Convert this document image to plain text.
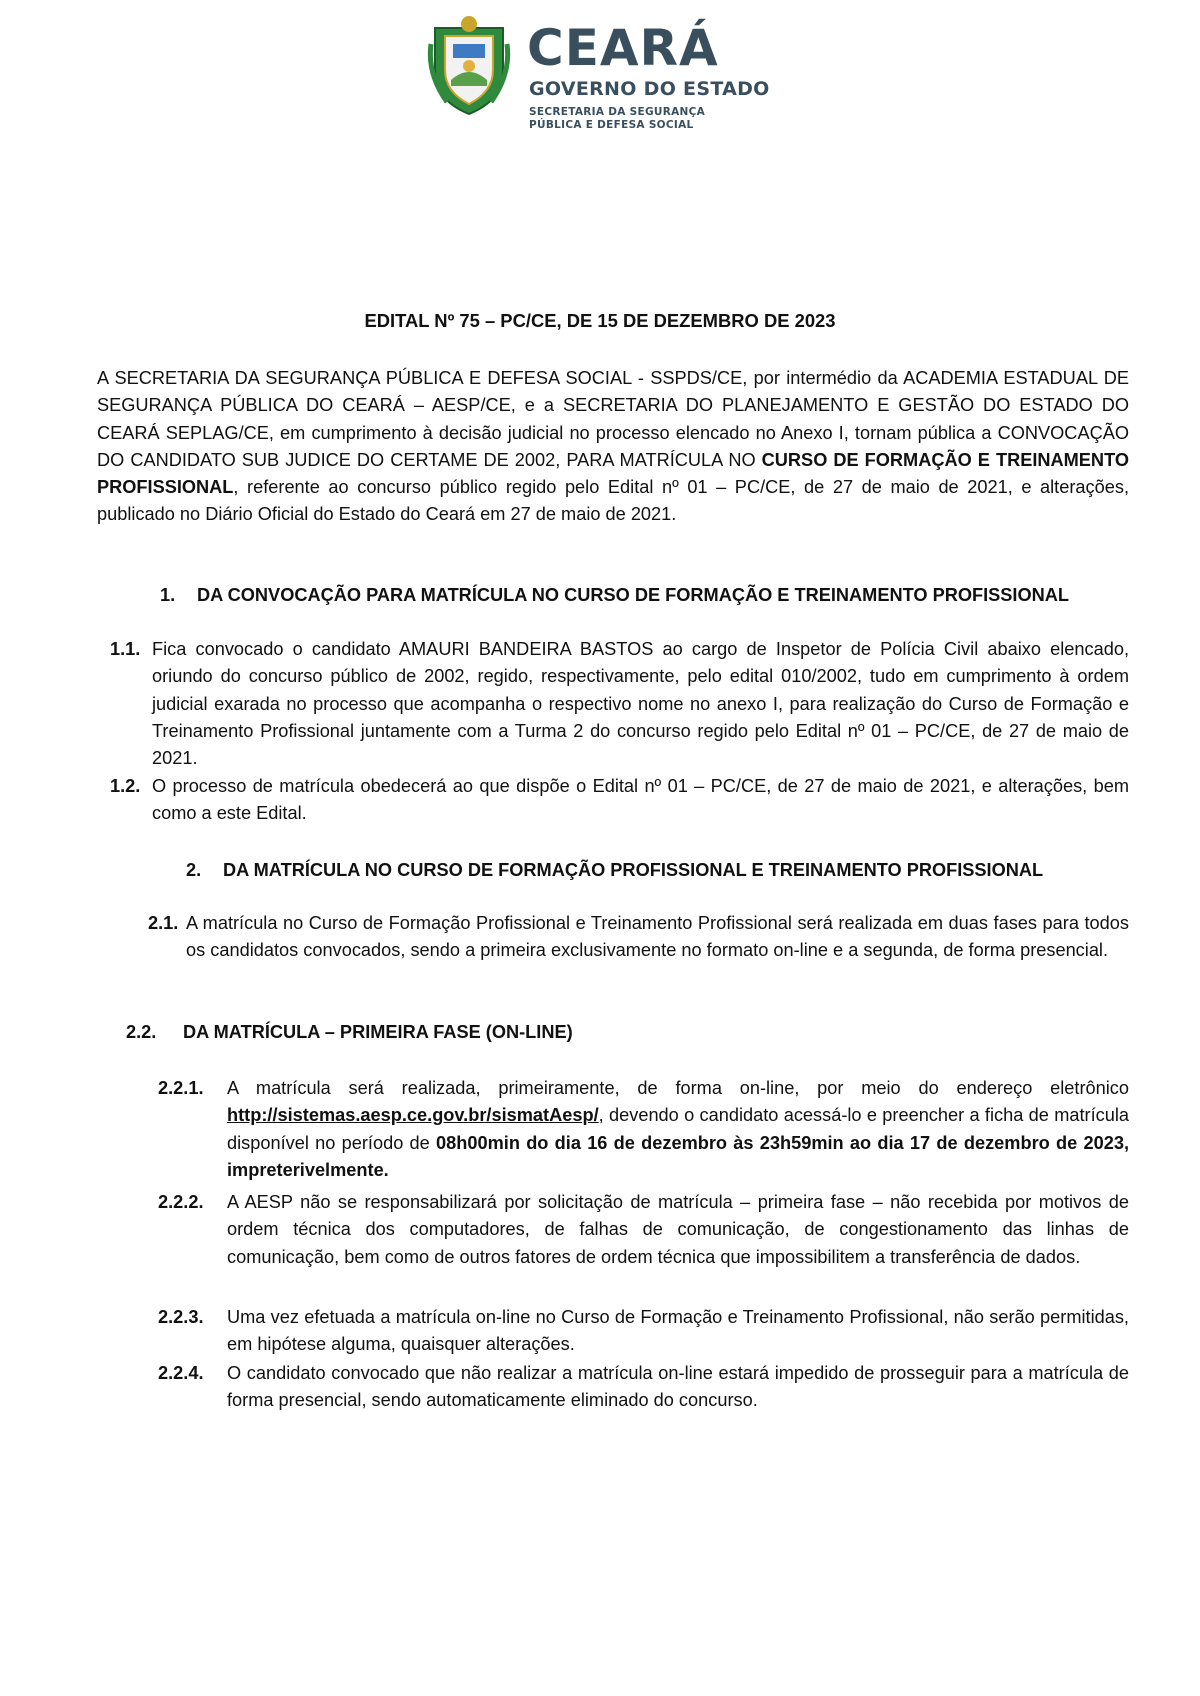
CEARÁ
GOVERNO DO ESTADO
SECRETARIA DA SEGURANÇA
PÚBLICA E DEFESA SOCIAL
EDITAL Nº 75 – PC/CE, DE 15 DE DEZEMBRO DE 2023
A SECRETARIA DA SEGURANÇA PÚBLICA E DEFESA SOCIAL - SSPDS/CE, por intermédio da ACADEMIA ESTADUAL DE SEGURANÇA PÚBLICA DO CEARÁ – AESP/CE, e a SECRETARIA DO PLANEJAMENTO E GESTÃO DO ESTADO DO CEARÁ SEPLAG/CE, em cumprimento à decisão judicial no processo elencado no Anexo I, tornam pública a CONVOCAÇÃO DO CANDIDATO SUB JUDICE DO CERTAME DE 2002, PARA MATRÍCULA NO CURSO DE FORMAÇÃO E TREINAMENTO PROFISSIONAL, referente ao concurso público regido pelo Edital nº 01 – PC/CE, de 27 de maio de 2021, e alterações, publicado no Diário Oficial do Estado do Ceará em 27 de maio de 2021.
1. DA CONVOCAÇÃO PARA MATRÍCULA NO CURSO DE FORMAÇÃO E TREINAMENTO PROFISSIONAL
1.1. Fica convocado o candidato AMAURI BANDEIRA BASTOS ao cargo de Inspetor de Polícia Civil abaixo elencado, oriundo do concurso público de 2002, regido, respectivamente, pelo edital 010/2002, tudo em cumprimento à ordem judicial exarada no processo que acompanha o respectivo nome no anexo I, para realização do Curso de Formação e Treinamento Profissional juntamente com a Turma 2 do concurso regido pelo Edital nº 01 – PC/CE, de 27 de maio de 2021.
1.2. O processo de matrícula obedecerá ao que dispõe o Edital nº 01 – PC/CE, de 27 de maio de 2021, e alterações, bem como a este Edital.
2. DA MATRÍCULA NO CURSO DE FORMAÇÃO PROFISSIONAL E TREINAMENTO PROFISSIONAL
2.1. A matrícula no Curso de Formação Profissional e Treinamento Profissional será realizada em duas fases para todos os candidatos convocados, sendo a primeira exclusivamente no formato on-line e a segunda, de forma presencial.
2.2. DA MATRÍCULA – PRIMEIRA FASE (ON-LINE)
2.2.1. A matrícula será realizada, primeiramente, de forma on-line, por meio do endereço eletrônico http://sistemas.aesp.ce.gov.br/sismatAesp/, devendo o candidato acessá-lo e preencher a ficha de matrícula disponível no período de 08h00min do dia 16 de dezembro às 23h59min ao dia 17 de dezembro de 2023, impreterivelmente.
2.2.2. A AESP não se responsabilizará por solicitação de matrícula – primeira fase – não recebida por motivos de ordem técnica dos computadores, de falhas de comunicação, de congestionamento das linhas de comunicação, bem como de outros fatores de ordem técnica que impossibilitem a transferência de dados.
2.2.3. Uma vez efetuada a matrícula on-line no Curso de Formação e Treinamento Profissional, não serão permitidas, em hipótese alguma, quaisquer alterações.
2.2.4. O candidato convocado que não realizar a matrícula on-line estará impedido de prosseguir para a matrícula de forma presencial, sendo automaticamente eliminado do concurso.
